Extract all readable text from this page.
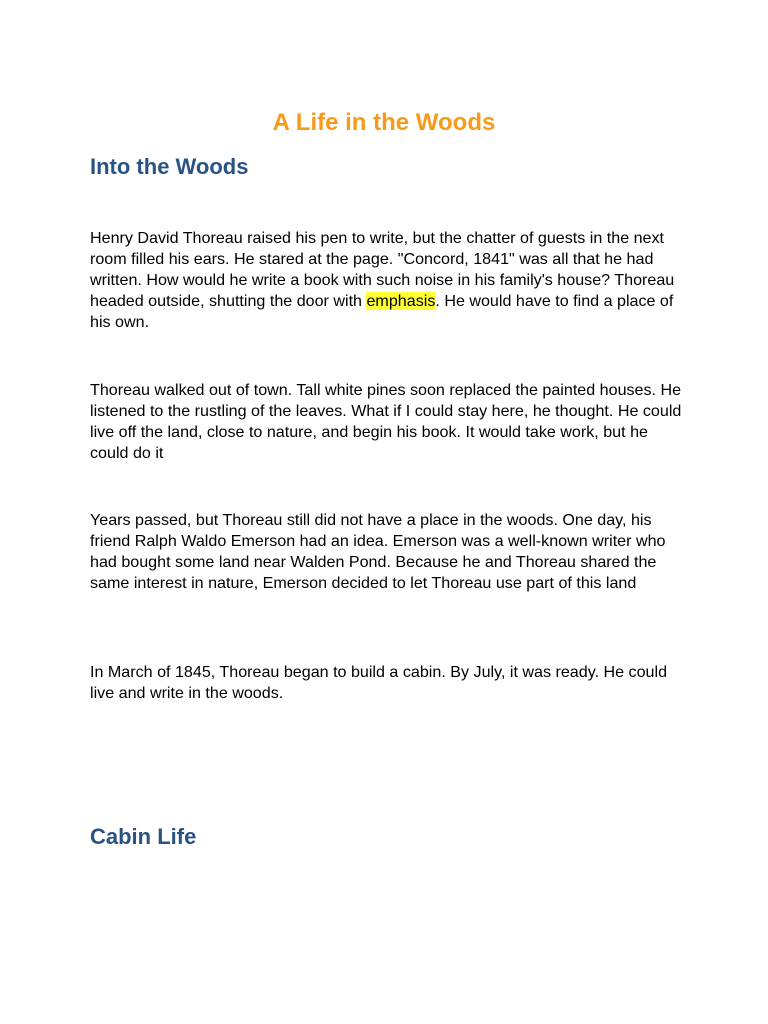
A Life in the Woods
Into the Woods

Henry David Thoreau raised his pen to write, but the chatter of guests in the next room filled his ears. He stared at the page. "Concord, 1841" was all that he had written. How would he write a book with such noise in his family's house? Thoreau headed outside, shutting the door with emphasis. He would have to find a place of his own.

Thoreau walked out of town. Tall white pines soon replaced the painted houses. He listened to the rustling of the leaves. What if I could stay here, he thought. He could live off the land, close to nature, and begin his book. It would take work, but he could do it

Years passed, but Thoreau still did not have a place in the woods. One day, his friend Ralph Waldo Emerson had an idea. Emerson was a well-known writer who had bought some land near Walden Pond. Because he and Thoreau shared the same interest in nature, Emerson decided to let Thoreau use part of this land

In March of 1845, Thoreau began to build a cabin. By July, it was ready. He could live and write in the woods.

Cabin Life
